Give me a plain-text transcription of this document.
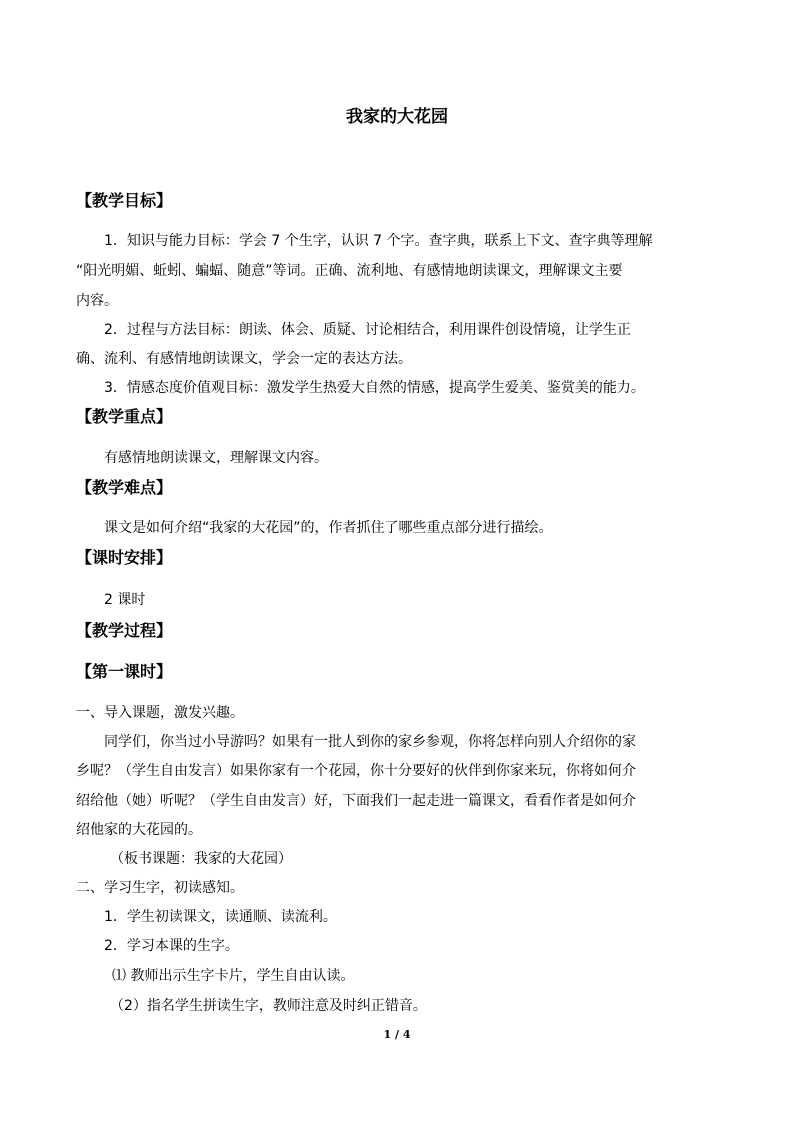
我家的大花园
【教学目标】

1．知识与能力目标：学会 7 个生字，认识 7 个字。查字典，联系上下文、查字典等理解

“阳光明媚、蚯蚓、蝙蝠、随意”等词。正确、流利地、有感情地朗读课文，理解课文主要

内容。

2．过程与方法目标：朗读、体会、质疑、讨论相结合，利用课件创设情境，让学生正

确、流利、有感情地朗读课文，学会一定的表达方法。

3．情感态度价值观目标：激发学生热爱大自然的情感，提高学生爱美、鉴赏美的能力。

【教学重点】

有感情地朗读课文，理解课文内容。

【教学难点】

课文是如何介绍“我家的大花园”的，作者抓住了哪些重点部分进行描绘。

【课时安排】

2 课时

【教学过程】
【第一课时】

一、导入课题，激发兴趣。

同学们，你当过小导游吗？如果有一批人到你的家乡参观，你将怎样向别人介绍你的家

乡呢？（学生自由发言）如果你家有一个花园，你十分要好的伙伴到你家来玩，你将如何介

绍给他（她）听呢？（学生自由发言）好，下面我们一起走进一篇课文，看看作者是如何介

绍他家的大花园的。

（板书课题：我家的大花园）

二、学习生字，初读感知。

1．学生初读课文，读通顺、读流利。

2．学习本课的生字。

⑴ 教师出示生字卡片，学生自由认读。

（2）指名学生拼读生字，教师注意及时纠正错音。

1 / 4
